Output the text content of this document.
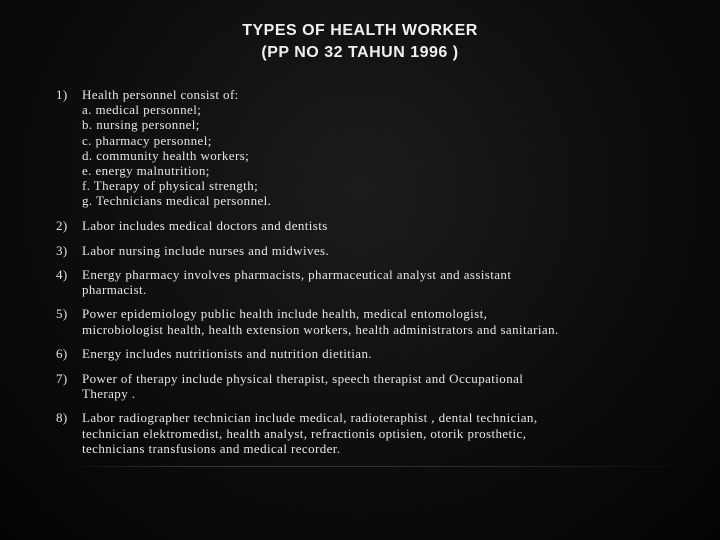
TYPES OF HEALTH WORKER
(PP NO 32 TAHUN 1996 )
1)	Health personnel consist of:
a. medical personnel;
b. nursing personnel;
c. pharmacy personnel;
d. community health workers;
e. energy malnutrition;
f. Therapy of physical strength;
g. Technicians medical personnel.
2)	Labor includes medical doctors and dentists
3)	Labor nursing include nurses and midwives.
4)	Energy pharmacy involves pharmacists, pharmaceutical analyst and assistant
pharmacist.
5)	Power epidemiology public health include health, medical entomologist,
microbiologist health, health extension workers, health administrators and sanitarian.
6)	Energy includes nutritionists and nutrition dietitian.
7)	Power of therapy include physical therapist, speech therapist and Occupational
Therapy .
8)	Labor radiographer technician include medical, radioteraphist , dental technician,
technician elektromedist, health analyst, refractionis optisien, otorik prosthetic,
technicians transfusions and medical recorder.
